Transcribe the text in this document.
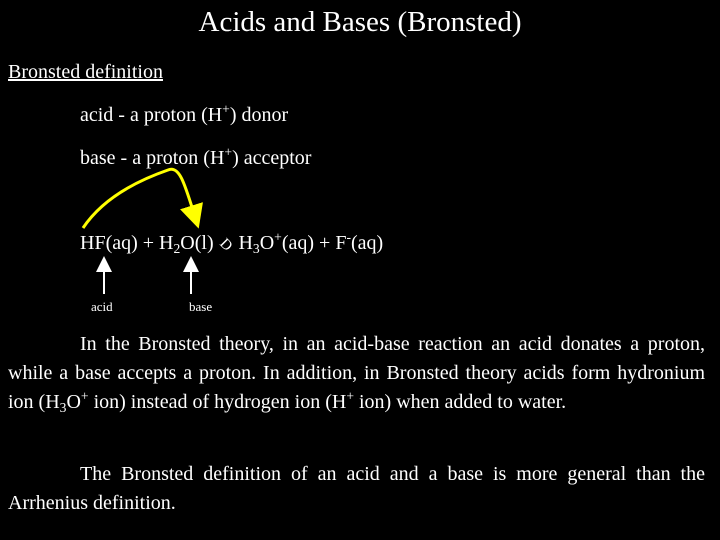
Acids and Bases (Bronsted)
Bronsted definition
acid - a proton (H+) donor
base - a proton (H+) acceptor
$HF(aq) + H_2O(l)$ D $H_3O^+(aq) + F^-(aq)$
acid	base
In the Bronsted theory, in an acid-base reaction an acid donates a proton, while a base accepts a proton. In addition, in Bronsted theory acids form hydronium ion ($H_3O^+$ ion) instead of hydrogen ion (H+ ion) when added to water.
The Bronsted definition of an acid and a base is more general than the Arrhenius definition.
